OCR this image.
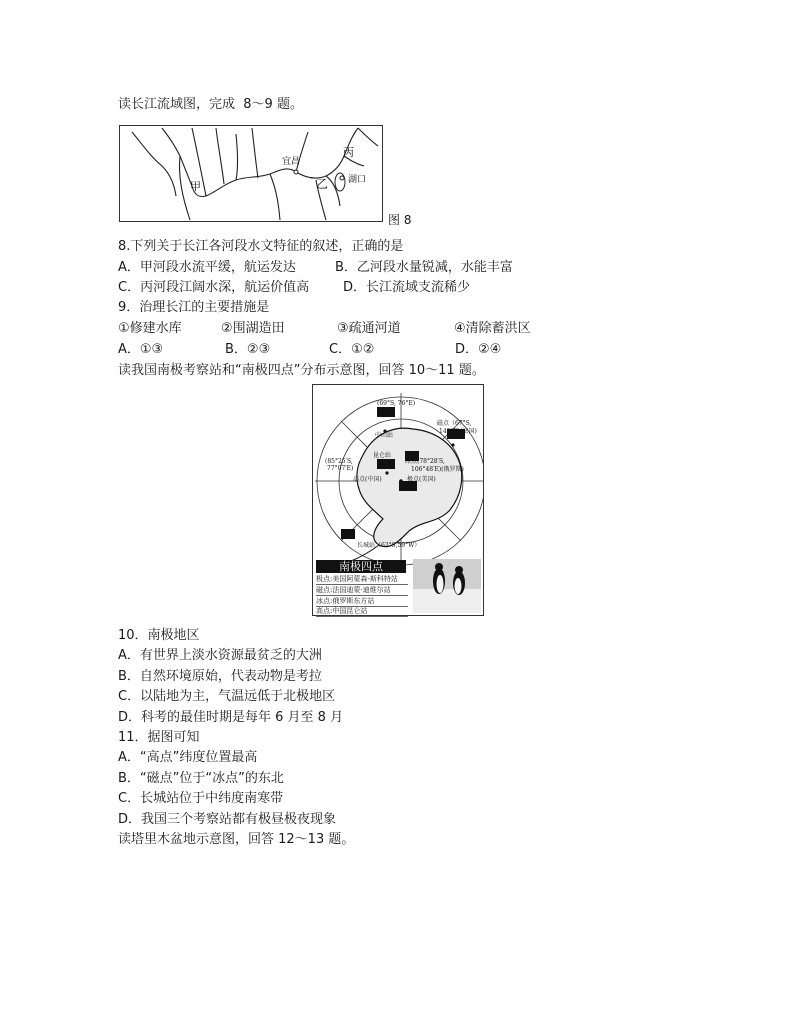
读长江流域图，完成  8～9 题。
宜昌
丙
湖口
乙
甲
图 8
8.下列关于长江各河段水文特征的叙述，正确的是
A．甲河段水流平缓，航运发达	B．乙河段水量锐减，水能丰富
C．丙河段江阔水深，航运价值高	D．长江流域支流稀少
9．治理长江的主要措施是
①修建水库	②围湖造田	③疏通河道	④清除蓄洪区
A．①③	B．②③	C．①②	D．②④
读我国南极考察站和“南极四点”分布示意图，回答 10～11 题。
(69°S, 76°E)
中山站
磁点（67°S,
140°E)(法国)
昆仑站
(85°25′S,
77°07′E)
冰点(78°28′S,
106°48′E)(俄罗斯)
高点(中国)	极点(美国)
长城站（62°S,59°W）
南极四点
极点:美国阿蒙森-斯科特站
磁点:法国迪蒙·迪维尔站
冰点:俄罗斯东方站
高点:中国昆仑站
10．南极地区
A．有世界上淡水资源最贫乏的大洲
B．自然环境原始，代表动物是考拉
C．以陆地为主，气温远低于北极地区
D．科考的最佳时期是每年 6 月至 8 月
11．据图可知
A．“高点”纬度位置最高
B．“磁点”位于“冰点”的东北
C．长城站位于中纬度南寒带
D．我国三个考察站都有极昼极夜现象
读塔里木盆地示意图，回答 12～13 题。
